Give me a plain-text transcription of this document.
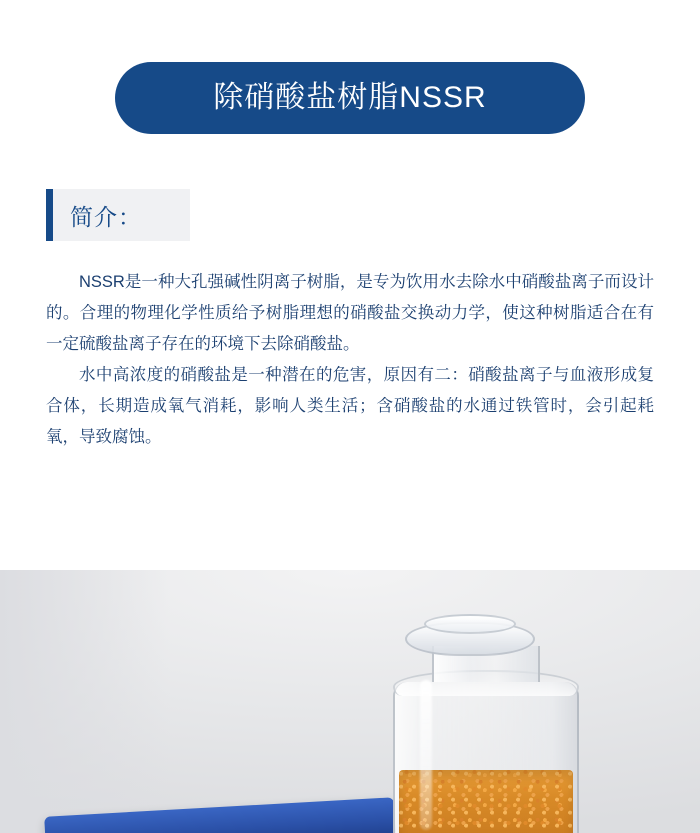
除硝酸盐树脂NSSR
简介：

NSSR是一种大孔强碱性阴离子树脂，是专为饮用水去除水中硝酸盐离子而设计的。合理的物理化学性质给予树脂理想的硝酸盐交换动力学，使这种树脂适合在有一定硫酸盐离子存在的环境下去除硝酸盐。

水中高浓度的硝酸盐是一种潜在的危害，原因有二：硝酸盐离子与血液形成复合体，长期造成氧气消耗，影响人类生活；含硝酸盐的水通过铁管时，会引起耗氧，导致腐蚀。
